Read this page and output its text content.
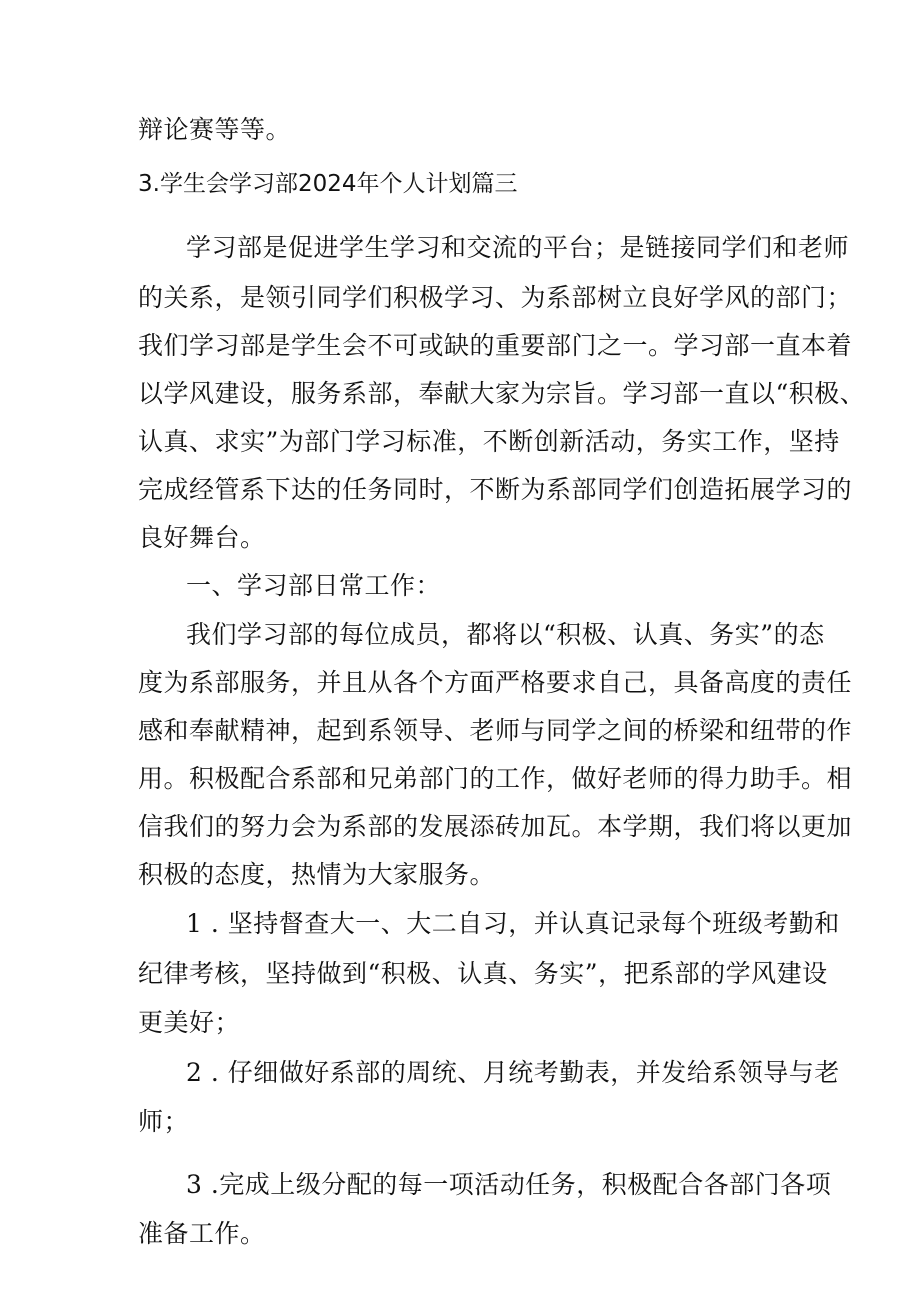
辩论赛等等。
3.学生会学习部2024年个人计划篇三
学习部是促进学生学习和交流的平台；是链接同学们和老师
的关系，是领引同学们积极学习、为系部树立良好学风的部门；
我们学习部是学生会不可或缺的重要部门之一。学习部一直本着
以学风建设，服务系部，奉献大家为宗旨。学习部一直以“积极、
认真、求实”为部门学习标准，不断创新活动，务实工作，坚持
完成经管系下达的任务同时，不断为系部同学们创造拓展学习的
良好舞台。
一、学习部日常工作：
我们学习部的每位成员，都将以“积极、认真、务实”的态
度为系部服务，并且从各个方面严格要求自己，具备高度的责任
感和奉献精神，起到系领导、老师与同学之间的桥梁和纽带的作
用。积极配合系部和兄弟部门的工作，做好老师的得力助手。相
信我们的努力会为系部的发展添砖加瓦。本学期，我们将以更加
积极的态度，热情为大家服务。
1 . 坚持督查大一、大二自习，并认真记录每个班级考勤和
纪律考核，坚持做到“积极、认真、务实”，把系部的学风建设
更美好；
2 . 仔细做好系部的周统、月统考勤表，并发给系领导与老
师；
3 .完成上级分配的每一项活动任务，积极配合各部门各项
准备工作。
